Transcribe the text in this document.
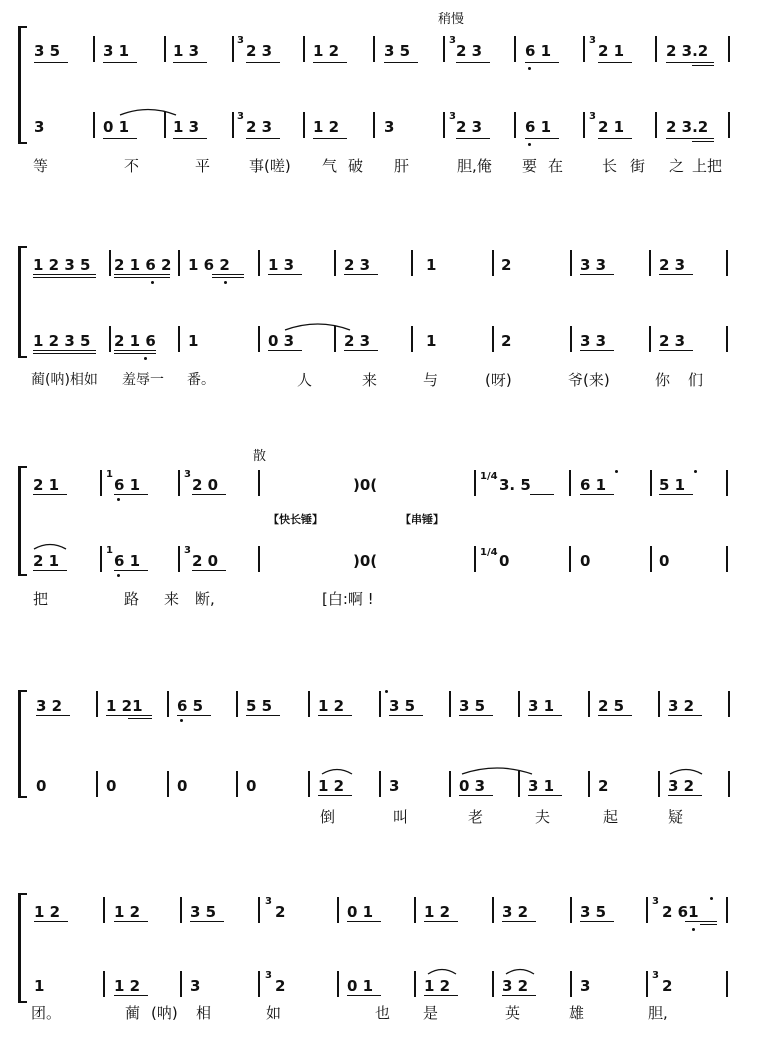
稍慢
散
【快长锤】	【串锤】
3 5	3 1	1 3	2 3	1 2	3 5	2 3	6 1	2 1	2 3.2
3	0 1	1 3	2 3	1 2	3	2 3	6 1	2 1	2 3.2
等	不	平	事(嗟) 气 破 肝	胆,俺 要 在	长 街 之 上把
1 2 3 5 2 1 6 2 1 6 2	1 3	2 3	1	2	3 3	2 3
1 2 3 5 2 1 6 1	0 3	2 3	1	2	3 3	2 3
蔺(呐)相如 羞辱一 番。	人	来	与	(呀)	爷(来)	你 们
2 1	6 1	2 0	)0(	3. 5	6 1	5 1
2 1	6 1	2 0	)0(	0	0	0
把	路 来 断,	[白:啊 !
3 2	1 21 6 5	5 5	1 2	3 5	3 5	3 1	2 5	3 2
0	0	0	0	1 2	3	0 3	3 1	2	3 2
倒	叫	老	夫	起	疑
1 2	1 2	3 5	2	0 1	1 2	3 2	3 5	2 61
1	1 2	3	2	0 1	1 2	3 2	3	2
团。	蔺 (呐) 相	如	也 是	英	雄	胆,
3	3	3
3	3	3
1	3
1	3
3	3
3	3
1/4
1/4
